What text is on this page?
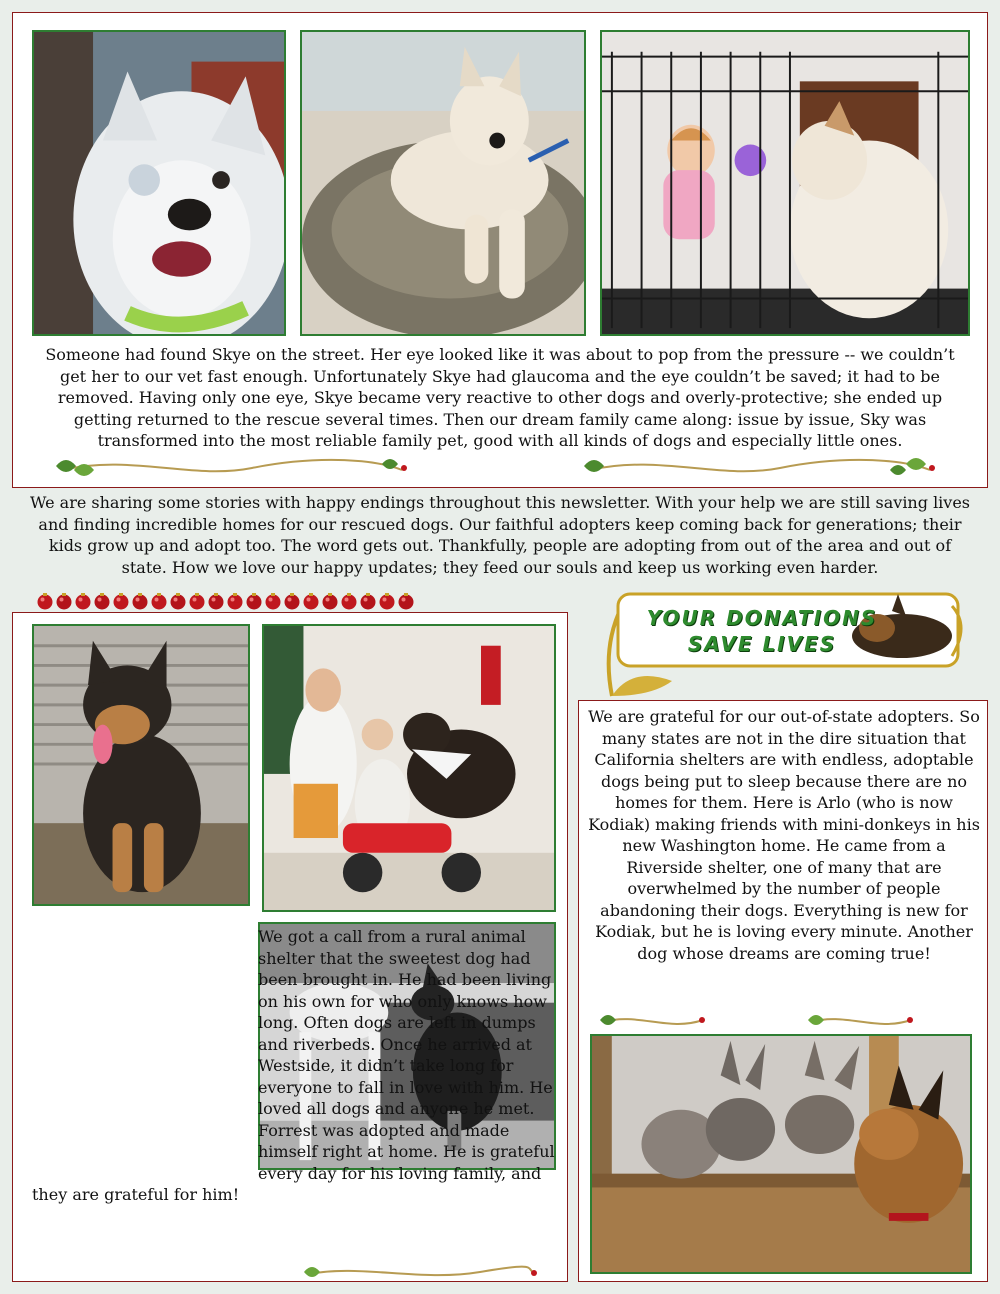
Someone had found Skye on the street. Her eye looked like it was about to pop from the pressure -- we couldn’t get her to our vet fast enough. Unfortunately Skye had glaucoma and the eye couldn’t be saved; it had to be removed. Having only one eye, Skye became very reactive to other dogs and overly-protective; she ended up getting returned to the rescue several times. Then our dream family came along: issue by issue, Sky was transformed into the most reliable family pet, good with all kinds of dogs and especially little ones.

We are sharing some stories with happy endings throughout this newsletter. With your help we are still saving lives and finding incredible homes for our rescued dogs. Our faithful adopters keep coming back for generations; their kids grow up and adopt too. The word gets out. Thankfully, people are adopting from out of the area and out of state. How we love our happy updates; they feed our souls and keep us working even harder.

We got a call from a rural animal shelter that the sweetest dog had been brought in. He had been living on his own for who only knows how long. Often dogs are left in dumps and riverbeds. Once he arrived at Westside, it didn’t take long for everyone to fall in love with him. He loved all dogs and anyone he met. Forrest was adopted and made himself right at home. He is grateful every day for his loving family, and they are grateful for him!

YOUR DONATIONS
SAVE LIVES

We are grateful for our out-of-state adopters. So many states are not in the dire situation that California shelters are with endless, adoptable dogs being put to sleep because there are no homes for them. Here is Arlo (who is now Kodiak) making friends with mini-donkeys in his new Washington home. He came from a Riverside shelter, one of many that are overwhelmed by the number of people abandoning their dogs. Everything is new for Kodiak, but he is loving every minute. Another dog whose dreams are coming true!
